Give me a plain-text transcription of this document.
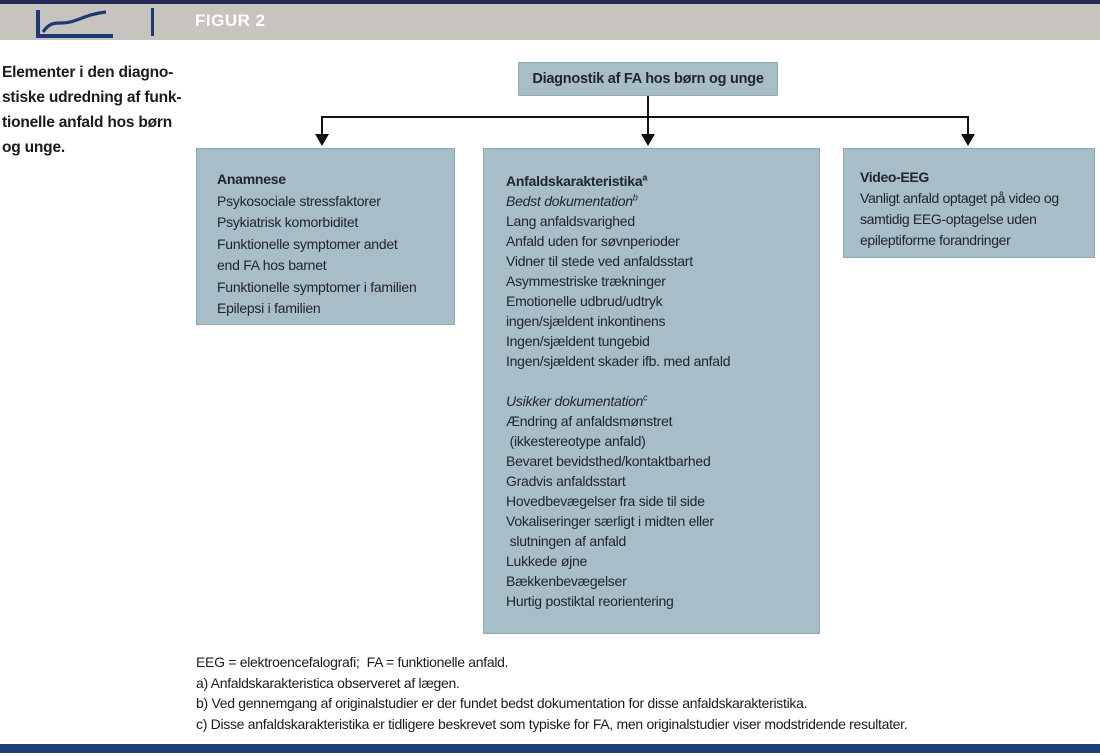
FIGUR 2
Elementer i den diagno-
stiske udredning af funk-
tionelle anfald hos børn
og unge.
Diagnostik af FA hos børn og unge
Anamnese
Psykosociale stressfaktorer
Psykiatrisk komorbiditet
Funktionelle symptomer andet
end FA hos barnet
Funktionelle symptomer i familien
Epilepsi i familien
Anfaldskarakteristika$^a$
Bedst dokumentation$^b$
Lang anfaldsvarighed
Anfald uden for søvnperioder
Vidner til stede ved anfaldsstart
Asymmestriske trækninger
Emotionelle udbrud/udtryk
ingen/sjældent inkontinens
Ingen/sjældent tungebid
Ingen/sjældent skader ifb. med anfald
Usikker dokumentation$^c$
Ændring af anfaldsmønstret
(ikkestereotype anfald)
Bevaret bevidsthed/kontaktbarhed
Gradvis anfaldsstart
Hovedbevægelser fra side til side
Vokaliseringer særligt i midten eller
slutningen af anfald
Lukkede øjne
Bækkenbevægelser
Hurtig postiktal reorientering
Video-EEG
Vanligt anfald optaget på video og
samtidig EEG-optagelse uden
epileptiforme forandringer
EEG = elektroencefalografi;  FA = funktionelle anfald.
a) Anfaldskarakteristica observeret af lægen.
b) Ved gennemgang af originalstudier er der fundet bedst dokumentation for disse anfaldskarakteristika.
c) Disse anfaldskarakteristika er tidligere beskrevet som typiske for FA, men originalstudier viser modstridende resultater.
